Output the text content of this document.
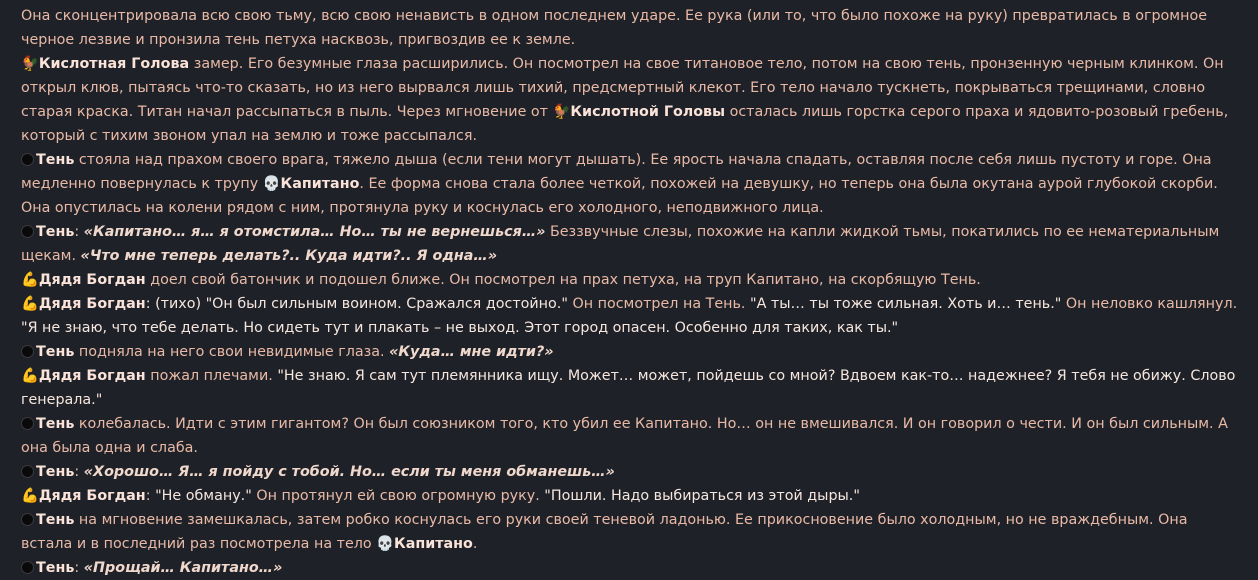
Она сконцентрировала всю свою тьму, всю свою ненависть в одном последнем ударе. Ее рука (или то, что было похоже на руку) превратилась в огромное черное лезвие и пронзила тень петуха насквозь, пригвоздив ее к земле.

🐓Кислотная Голова замер. Его безумные глаза расширились. Он посмотрел на свое титановое тело, потом на свою тень, пронзенную черным клинком. Он открыл клюв, пытаясь что-то сказать, но из него вырвался лишь тихий, предсмертный клекот. Его тело начало тускнеть, покрываться трещинами, словно старая краска. Титан начал рассыпаться в пыль. Через мгновение от 🐓Кислотной Головы осталась лишь горстка серого праха и ядовито-розовый гребень, который с тихим звоном упал на землю и тоже рассыпался.

Тень стояла над прахом своего врага, тяжело дыша (если тени могут дышать). Ее ярость начала спадать, оставляя после себя лишь пустоту и горе. Она медленно повернулась к трупу 💀Капитано. Ее форма снова стала более четкой, похожей на девушку, но теперь она была окутана аурой глубокой скорби. Она опустилась на колени рядом с ним, протянула руку и коснулась его холодного, неподвижного лица.

Тень: «Капитано… я… я отомстила… Но… ты не вернешься…» Беззвучные слезы, похожие на капли жидкой тьмы, покатились по ее нематериальным щекам. «Что мне теперь делать?.. Куда идти?.. Я одна…»

💪Дядя Богдан доел свой батончик и подошел ближе. Он посмотрел на прах петуха, на труп Капитано, на скорбящую Тень.

💪Дядя Богдан: (тихо) "Он был сильным воином. Сражался достойно." Он посмотрел на Тень. "А ты… ты тоже сильная. Хоть и… тень." Он неловко кашлянул. "Я не знаю, что тебе делать. Но сидеть тут и плакать – не выход. Этот город опасен. Особенно для таких, как ты."

Тень подняла на него свои невидимые глаза. «Куда… мне идти?»

💪Дядя Богдан пожал плечами. "Не знаю. Я сам тут племянника ищу. Может… может, пойдешь со мной? Вдвоем как-то… надежнее? Я тебя не обижу. Слово генерала."

Тень колебалась. Идти с этим гигантом? Он был союзником того, кто убил ее Капитано. Но… он не вмешивался. И он говорил о чести. И он был сильным. А она была одна и слаба.

Тень: «Хорошо… Я… я пойду с тобой. Но… если ты меня обманешь…»

💪Дядя Богдан: "Не обману." Он протянул ей свою огромную руку. "Пошли. Надо выбираться из этой дыры."

Тень на мгновение замешкалась, затем робко коснулась его руки своей теневой ладонью. Ее прикосновение было холодным, но не враждебным. Она встала и в последний раз посмотрела на тело 💀Капитано.

Тень: «Прощай… Капитано…»
